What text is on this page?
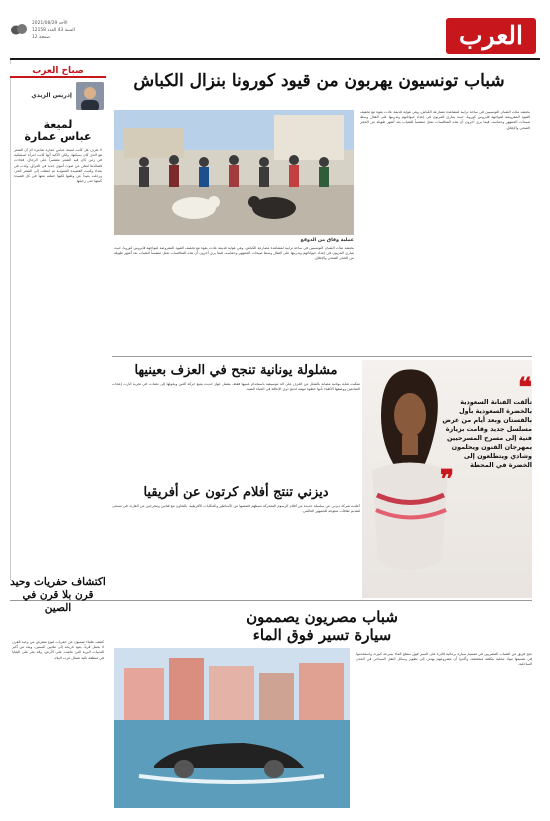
العرب
2021/08/29 الأحد
السنة 43 العدد 12158
12 صفحة
صباح العرب
إدريس الزيدي
لميعة
عباس عمارة
لا تعرف هل كانت لميعة عباس عمارة شاعرة أم أن الشعر هو الذي كان يسكنها، ولكن الأكيد أنها كانت امرأة استثنائية في زمن كان فيه الشعر مقتصراً على الرجال، فجاءت قصائدها لتعلن عن صوت أنثوي جديد في العراق. ولدت في بغداد وكتبت القصيدة العمودية ثم انتقلت إلى الشعر الحر، ورحلت بعيداً عن وطنها لكنها حملته معها في كل قصيدة كتبتها حتى رحيلها.
شباب تونسيون يهربون من قيود كورونا بنزال الكباش
عملية وفاق من الدوقع
يحتشد مئات الشبان التونسيين في ساحة ترابية لمشاهدة مصارعة الكباش، وهي هواية قديمة عادت بقوة مع تخفيف القيود المفروضة لمواجهة فايروس كورونا، حيث يتبارى المربون في إعداد حيواناتهم وتدريبها على القتال وسط صيحات الجمهور وحماسه، فيما يرى آخرون أن هذه المنافسات تمثل متنفساً للشباب بعد أشهر طويلة من الحجر الصحي والإغلاق.
يحتشد مئات الشبان التونسيين في ساحة ترابية لمشاهدة مصارعة الكباش، وهي هواية قديمة عادت بقوة مع تخفيف القيود المفروضة لمواجهة فايروس كورونا، حيث يتبارى المربون في إعداد حيواناتهم وتدريبها على القتال وسط صيحات الجمهور وحماسه، فيما يرى آخرون أن هذه المنافسات تمثل متنفساً للشباب بعد أشهر طويلة من الحجر الصحي والإغلاق.
مشلولة يونانية تنجح في العزف بعينيها
تمكنت شابة يونانية مصابة بالشلل من العزف على آلة موسيقية باستخدام عينيها فقط، بفضل جهاز حديث يتتبع حركة العين ويحولها إلى نغمات، في تجربة أثارت إعجاب المتابعين ووصفها الأطباء بأنها خطوة مهمة لدمج ذوي الإعاقة في الحياة الفنية.
ديزني تنتج أفلام كرتون عن أفريقيا
أعلنت شركة ديزني عن سلسلة جديدة من أفلام الرسوم المتحركة تستلهم قصصها من الأساطير والحكايات الأفريقية، بالتعاون مع فنانين ومخرجين من القارة، في مسعى لتقديم ثقافات متنوعة للجمهور العالمي.
❝
تألقت الفنانة السعودية بالخضرة السعودية بأول بالفستان وبعد أيام من عرض مسلسل جديد وقامت بزيارة فنية إلى مسرح المسرحيين بمهرجان الفنون ويحلمون وشادي ويتطلعون إلى الخضرة في المحطة
❞
اكتشاف حفريات وحيد قرن بلا قرن في الصين
كشف علماء صينيون عن حفريات لنوع منقرض من وحيد القرن لا يحمل قرناً، يعود تاريخه إلى ملايين السنين، ويعد من أكبر الثدييات البرية التي عاشت على الأرض، وقد عثر على البقايا في منطقة نائية شمال غرب البلاد.
شباب مصريون يصممون
سيارة تسير فوق الماء
نجح فريق من الشباب المصريين في تصميم سيارة برمائية قادرة على السير فوق سطح الماء بسرعة كبيرة، واستخدموا في تصنيعها مواد محلية بتكلفة منخفضة، وأكدوا أن مشروعهم يهدف إلى تطوير وسائل النقل السياحي في المدن الساحلية.
